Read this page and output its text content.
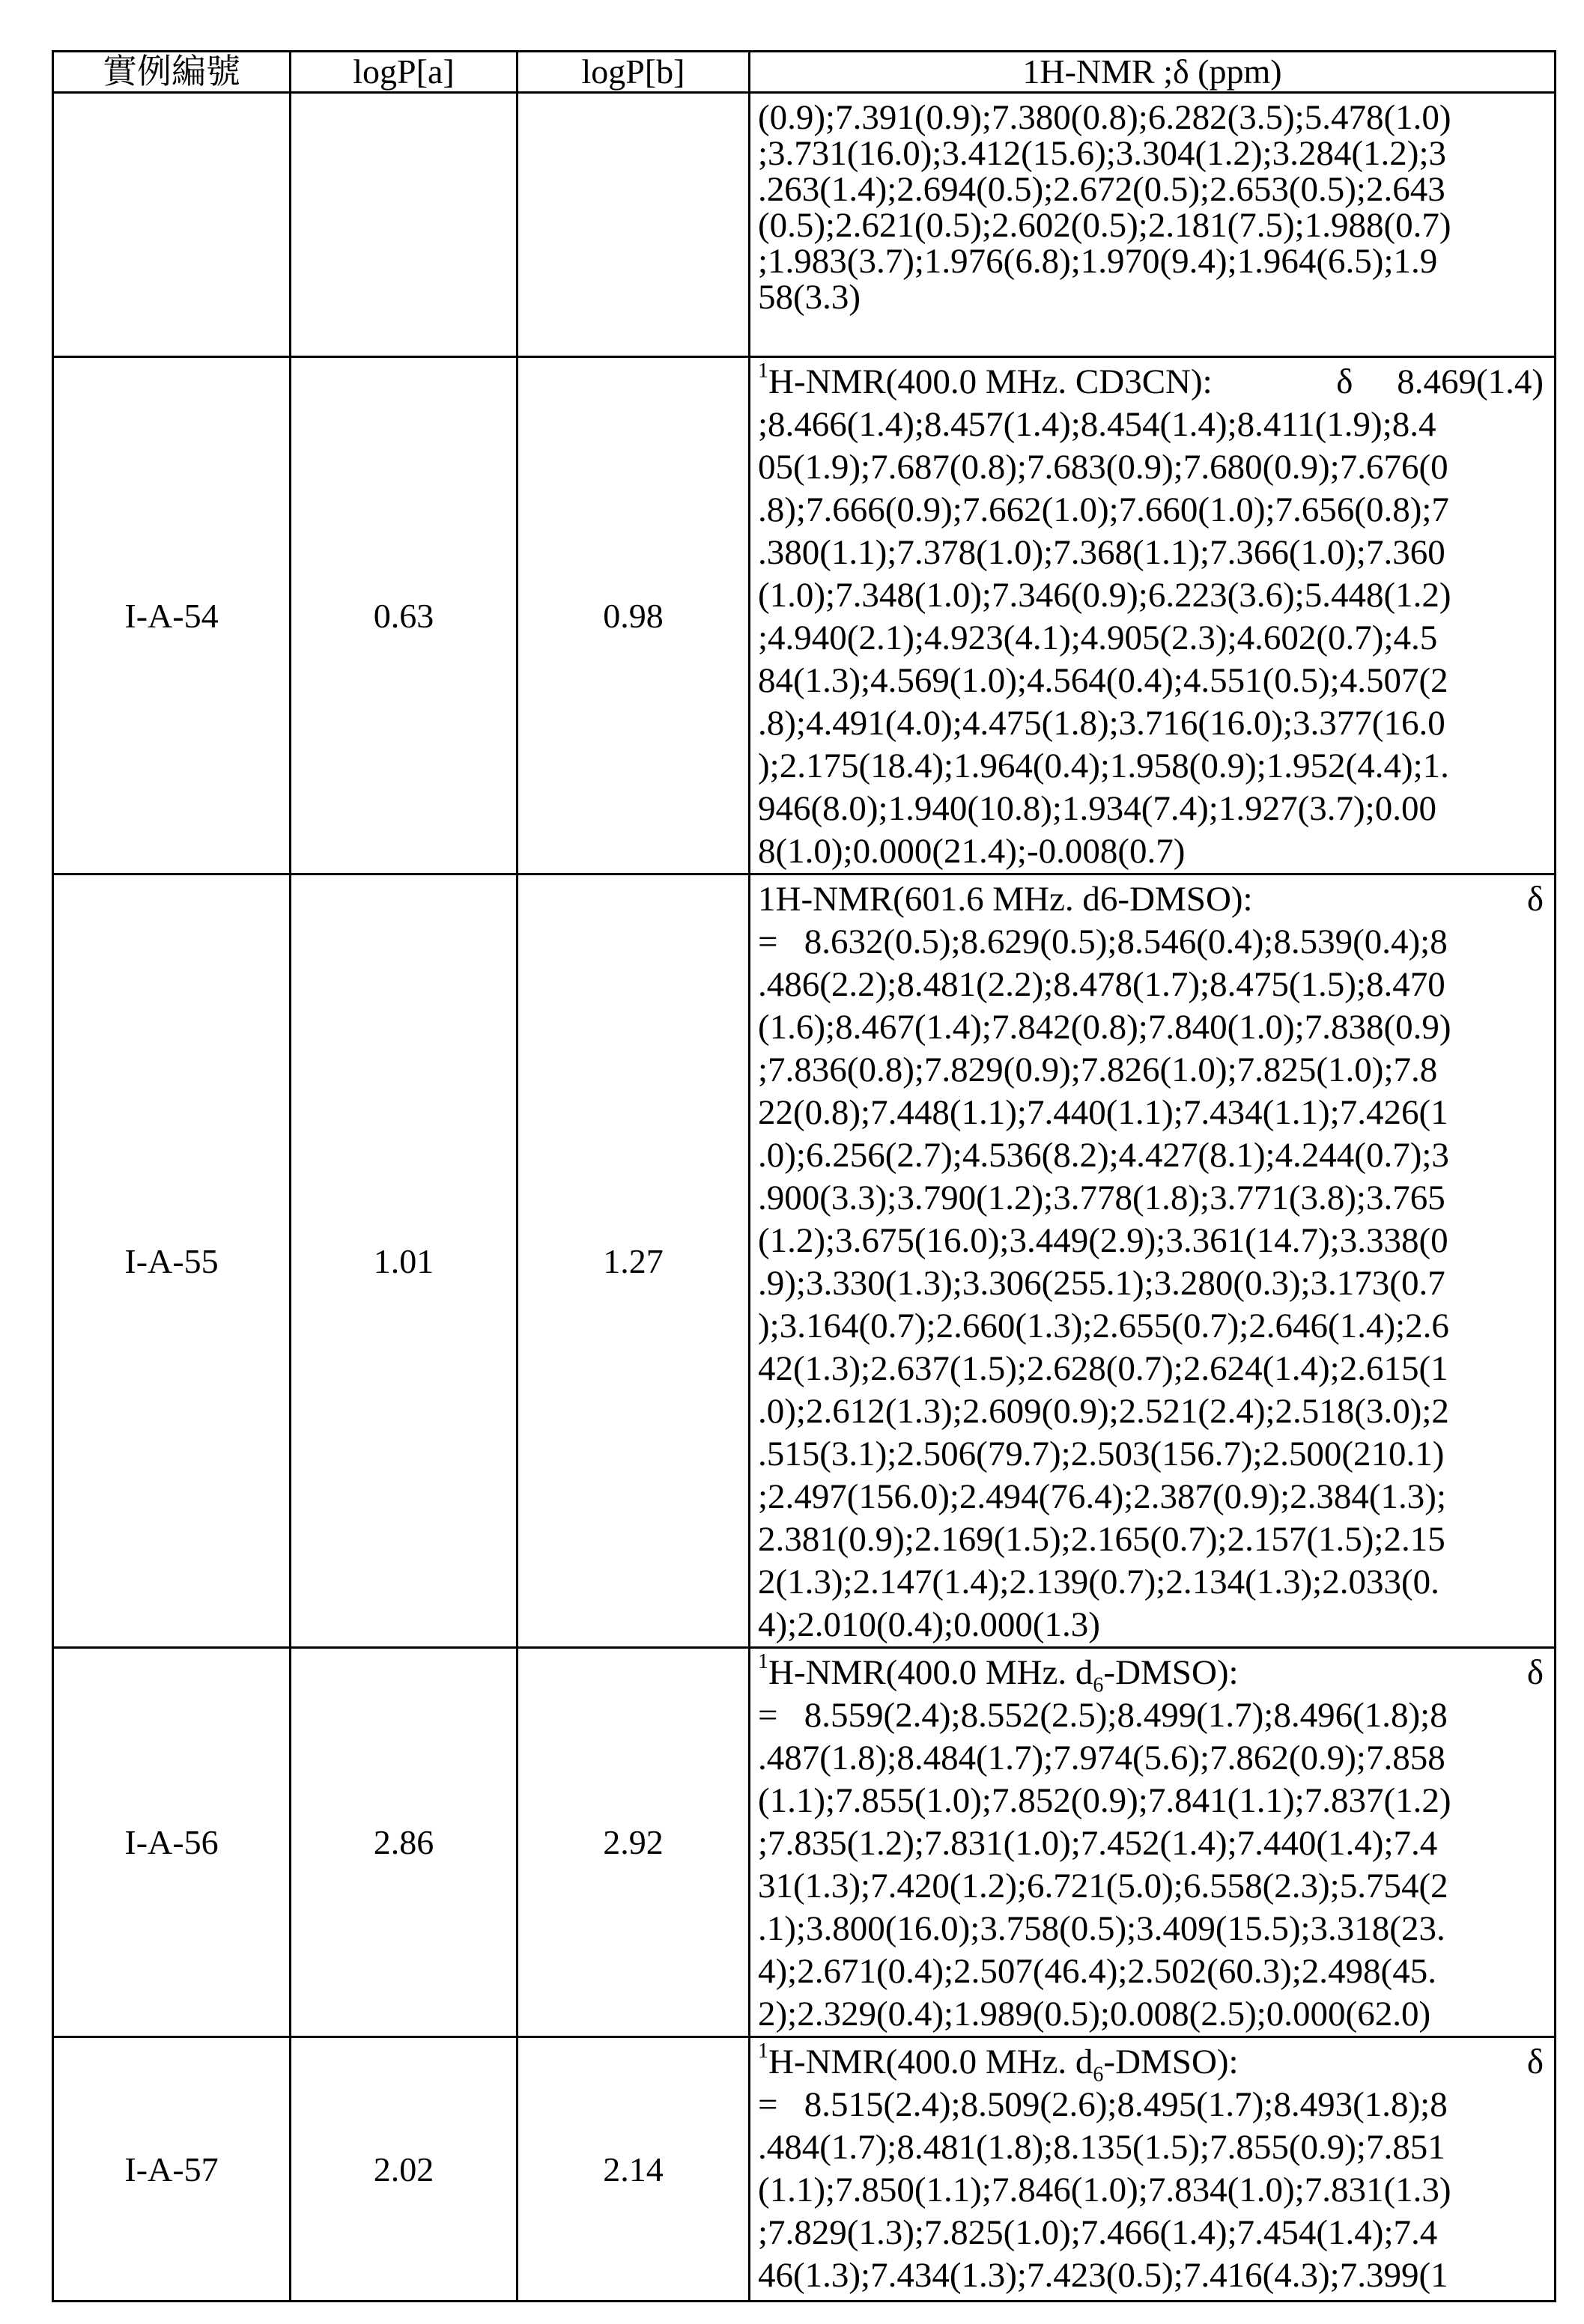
實例編號	logP[a]	logP[b]	1H-NMR ;δ (ppm)

(0.9);7.391(0.9);7.380(0.8);6.282(3.5);5.478(1.0)
;3.731(16.0);3.412(15.6);3.304(1.2);3.284(1.2);3
.263(1.4);2.694(0.5);2.672(0.5);2.653(0.5);2.643
(0.5);2.621(0.5);2.602(0.5);2.181(7.5);1.988(0.7)
;1.983(3.7);1.976(6.8);1.970(9.4);1.964(6.5);1.9
58(3.3)

I-A-54	0.63	0.98	
1H-NMR(400.0 MHz. CD3CN):	δ     8.469(1.4)
;8.466(1.4);8.457(1.4);8.454(1.4);8.411(1.9);8.4
05(1.9);7.687(0.8);7.683(0.9);7.680(0.9);7.676(0
.8);7.666(0.9);7.662(1.0);7.660(1.0);7.656(0.8);7
.380(1.1);7.378(1.0);7.368(1.1);7.366(1.0);7.360
(1.0);7.348(1.0);7.346(0.9);6.223(3.6);5.448(1.2)
;4.940(2.1);4.923(4.1);4.905(2.3);4.602(0.7);4.5
84(1.3);4.569(1.0);4.564(0.4);4.551(0.5);4.507(2
.8);4.491(4.0);4.475(1.8);3.716(16.0);3.377(16.0
);2.175(18.4);1.964(0.4);1.958(0.9);1.952(4.4);1.
946(8.0);1.940(10.8);1.934(7.4);1.927(3.7);0.00
8(1.0);0.000(21.4);-0.008(0.7)

I-A-55	1.01	1.27	
1H-NMR(601.6 MHz. d6-DMSO):	δ
=   8.632(0.5);8.629(0.5);8.546(0.4);8.539(0.4);8
.486(2.2);8.481(2.2);8.478(1.7);8.475(1.5);8.470
(1.6);8.467(1.4);7.842(0.8);7.840(1.0);7.838(0.9)
;7.836(0.8);7.829(0.9);7.826(1.0);7.825(1.0);7.8
22(0.8);7.448(1.1);7.440(1.1);7.434(1.1);7.426(1
.0);6.256(2.7);4.536(8.2);4.427(8.1);4.244(0.7);3
.900(3.3);3.790(1.2);3.778(1.8);3.771(3.8);3.765
(1.2);3.675(16.0);3.449(2.9);3.361(14.7);3.338(0
.9);3.330(1.3);3.306(255.1);3.280(0.3);3.173(0.7
);3.164(0.7);2.660(1.3);2.655(0.7);2.646(1.4);2.6
42(1.3);2.637(1.5);2.628(0.7);2.624(1.4);2.615(1
.0);2.612(1.3);2.609(0.9);2.521(2.4);2.518(3.0);2
.515(3.1);2.506(79.7);2.503(156.7);2.500(210.1)
;2.497(156.0);2.494(76.4);2.387(0.9);2.384(1.3);
2.381(0.9);2.169(1.5);2.165(0.7);2.157(1.5);2.15
2(1.3);2.147(1.4);2.139(0.7);2.134(1.3);2.033(0.
4);2.010(0.4);0.000(1.3)

I-A-56	2.86	2.92	
1H-NMR(400.0 MHz. d6-DMSO):	δ
=   8.559(2.4);8.552(2.5);8.499(1.7);8.496(1.8);8
.487(1.8);8.484(1.7);7.974(5.6);7.862(0.9);7.858
(1.1);7.855(1.0);7.852(0.9);7.841(1.1);7.837(1.2)
;7.835(1.2);7.831(1.0);7.452(1.4);7.440(1.4);7.4
31(1.3);7.420(1.2);6.721(5.0);6.558(2.3);5.754(2
.1);3.800(16.0);3.758(0.5);3.409(15.5);3.318(23.
4);2.671(0.4);2.507(46.4);2.502(60.3);2.498(45.
2);2.329(0.4);1.989(0.5);0.008(2.5);0.000(62.0)

I-A-57	2.02	2.14	
1H-NMR(400.0 MHz. d6-DMSO):	δ
=   8.515(2.4);8.509(2.6);8.495(1.7);8.493(1.8);8
.484(1.7);8.481(1.8);8.135(1.5);7.855(0.9);7.851
(1.1);7.850(1.1);7.846(1.0);7.834(1.0);7.831(1.3)
;7.829(1.3);7.825(1.0);7.466(1.4);7.454(1.4);7.4
46(1.3);7.434(1.3);7.423(0.5);7.416(4.3);7.399(1
